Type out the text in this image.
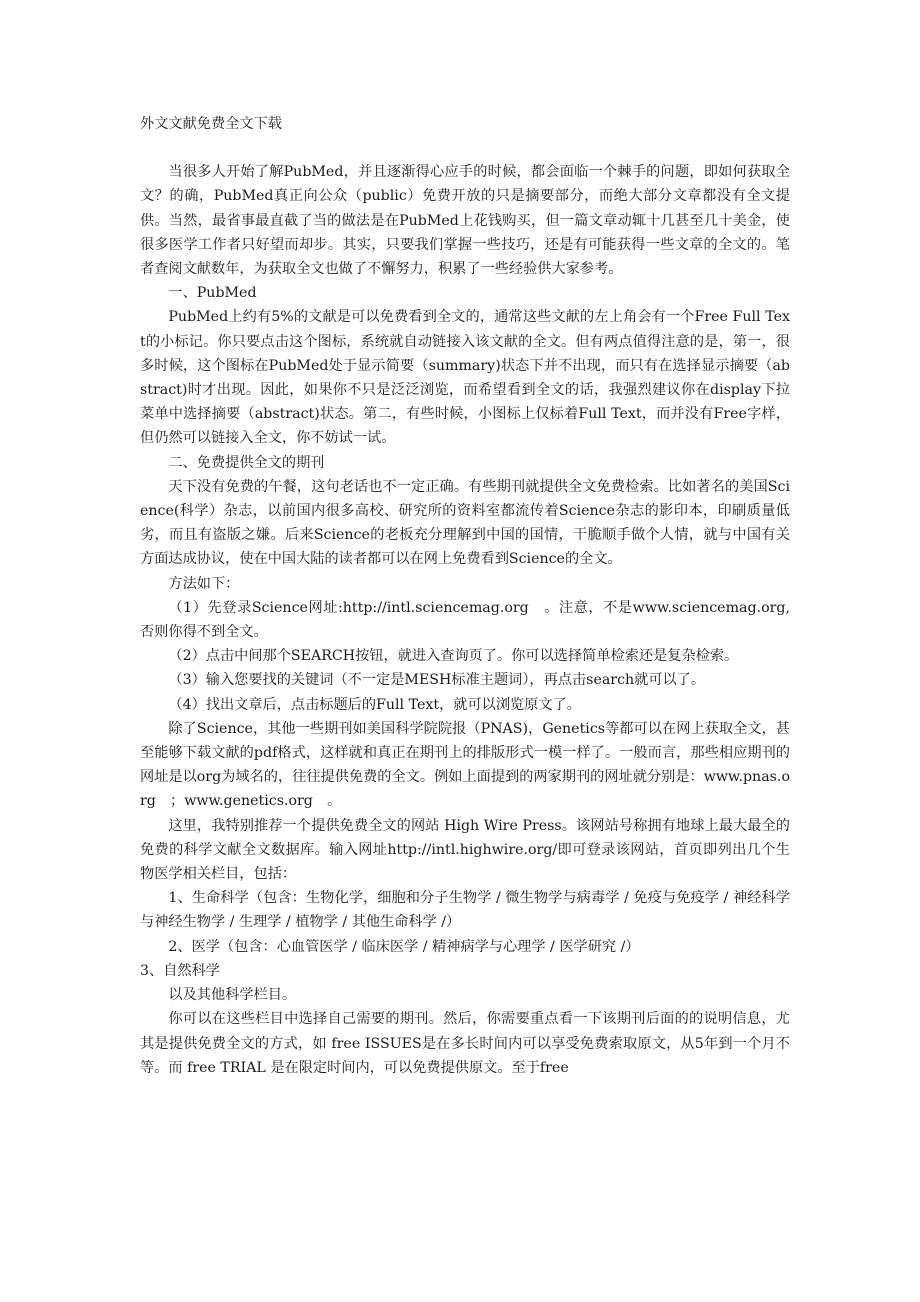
外文文献免费全文下载

当很多人开始了解PubMed，并且逐渐得心应手的时候，都会面临一个棘手的问题，即如何获取全文？的确，PubMed真正向公众（public）免费开放的只是摘要部分，而绝大部分文章都没有全文提供。当然，最省事最直截了当的做法是在PubMed上花钱购买，但一篇文章动辄十几甚至几十美金，使很多医学工作者只好望而却步。其实，只要我们掌握一些技巧，还是有可能获得一些文章的全文的。笔者查阅文献数年，为获取全文也做了不懈努力，积累了一些经验供大家参考。

一、PubMed

PubMed上约有5%的文献是可以免费看到全文的，通常这些文献的左上角会有一个Free Full Text的小标记。你只要点击这个图标，系统就自动链接入该文献的全文。但有两点值得注意的是，第一，很多时候，这个图标在PubMed处于显示简要（summary)状态下并不出现，而只有在选择显示摘要（abstract)时才出现。因此，如果你不只是泛泛浏览，而希望看到全文的话，我强烈建议你在display下拉菜单中选择摘要（abstract)状态。第二，有些时候，小图标上仅标着Full Text，而并没有Free字样，但仍然可以链接入全文，你不妨试一试。

二、免费提供全文的期刊

天下没有免费的午餐，这句老话也不一定正确。有些期刊就提供全文免费检索。比如著名的美国Science(科学）杂志，以前国内很多高校、研究所的资料室都流传着Science杂志的影印本，印刷质量低劣，而且有盗版之嫌。后来Science的老板充分理解到中国的国情，干脆顺手做个人情，就与中国有关方面达成协议，使在中国大陆的读者都可以在网上免费看到Science的全文。

方法如下：

（1）先登录Science网址:http://intl.sciencemag.org　。注意，不是www.sciencemag.org,否则你得不到全文。

（2）点击中间那个SEARCH按钮，就进入查询页了。你可以选择简单检索还是复杂检索。

（3）输入您要找的关键词（不一定是MESH标准主题词），再点击search就可以了。

（4）找出文章后，点击标题后的Full Text，就可以浏览原文了。

除了Science，其他一些期刊如美国科学院院报（PNAS)，Genetics等都可以在网上获取全文，甚至能够下载文献的pdf格式，这样就和真正在期刊上的排版形式一模一样了。一般而言，那些相应期刊的网址是以org为域名的，往往提供免费的全文。例如上面提到的两家期刊的网址就分别是：www.pnas.org　；www.genetics.org　。

这里，我特别推荐一个提供免费全文的网站 High Wire Press。该网站号称拥有地球上最大最全的免费的科学文献全文数据库。输入网址http://intl.highwire.org/即可登录该网站，首页即列出几个生物医学相关栏目，包括：

1、生命科学（包含：生物化学，细胞和分子生物学 / 微生物学与病毒学 / 免疫与免疫学 / 神经科学与神经生物学 / 生理学 / 植物学 / 其他生命科学 /）

2、医学（包含：心血管医学 / 临床医学 / 精神病学与心理学 / 医学研究 /）

3、自然科学

以及其他科学栏目。

你可以在这些栏目中选择自己需要的期刊。然后，你需要重点看一下该期刊后面的的说明信息，尤其是提供免费全文的方式，如 free ISSUES是在多长时间内可以享受免费索取原文，从5年到一个月不等。而 free TRIAL 是在限定时间内，可以免费提供原文。至于free
